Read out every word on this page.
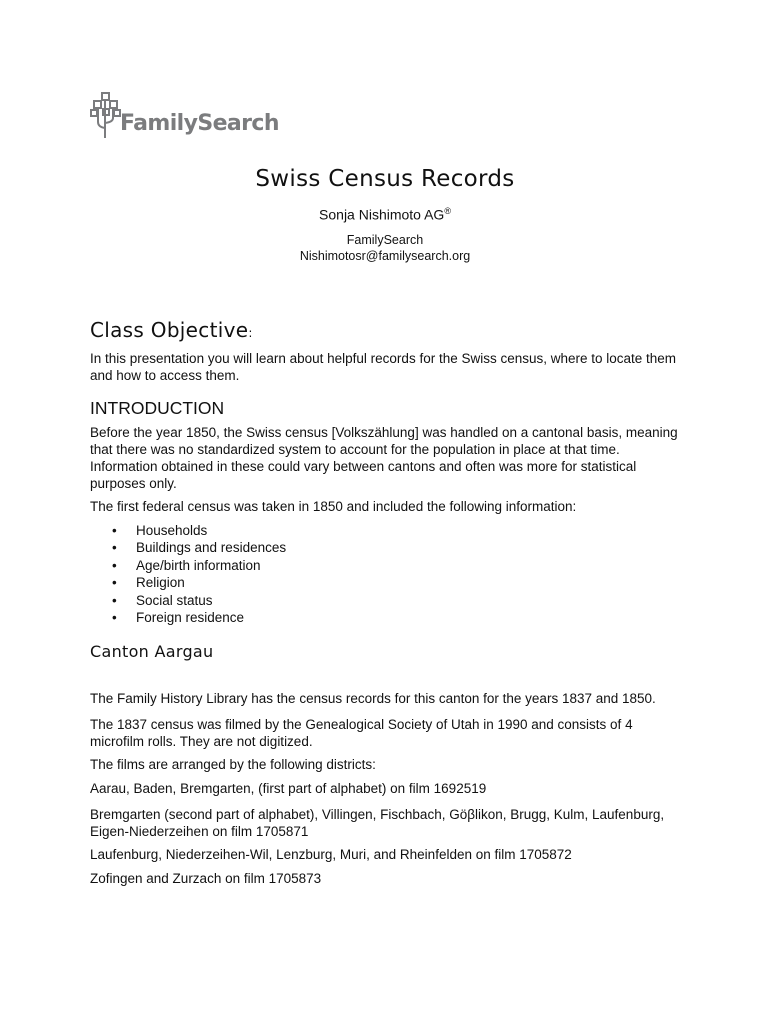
FamilySearch
Swiss Census Records
Sonja Nishimoto AG®
FamilySearch
Nishimotosr@familysearch.org
Class Objective:
In this presentation you will learn about helpful records for the Swiss census, where to locate them and how to access them.
INTRODUCTION
Before the year 1850, the Swiss census [Volkszählung] was handled on a cantonal basis, meaning that there was no standardized system to account for the population in place at that time. Information obtained in these could vary between cantons and often was more for statistical purposes only.
The first federal census was taken in 1850 and included the following information:
• Households
• Buildings and residences
• Age/birth information
• Religion
• Social status
• Foreign residence
Canton Aargau
The Family History Library has the census records for this canton for the years 1837 and 1850.
The 1837 census was filmed by the Genealogical Society of Utah in 1990 and consists of 4 microfilm rolls. They are not digitized.
The films are arranged by the following districts:
Aarau, Baden, Bremgarten, (first part of alphabet) on film 1692519
Bremgarten (second part of alphabet), Villingen, Fischbach, Göβlikon, Brugg, Kulm, Laufenburg, Eigen-Niederzeihen on film 1705871
Laufenburg, Niederzeihen-Wil, Lenzburg, Muri, and Rheinfelden on film 1705872
Zofingen and Zurzach on film 1705873
